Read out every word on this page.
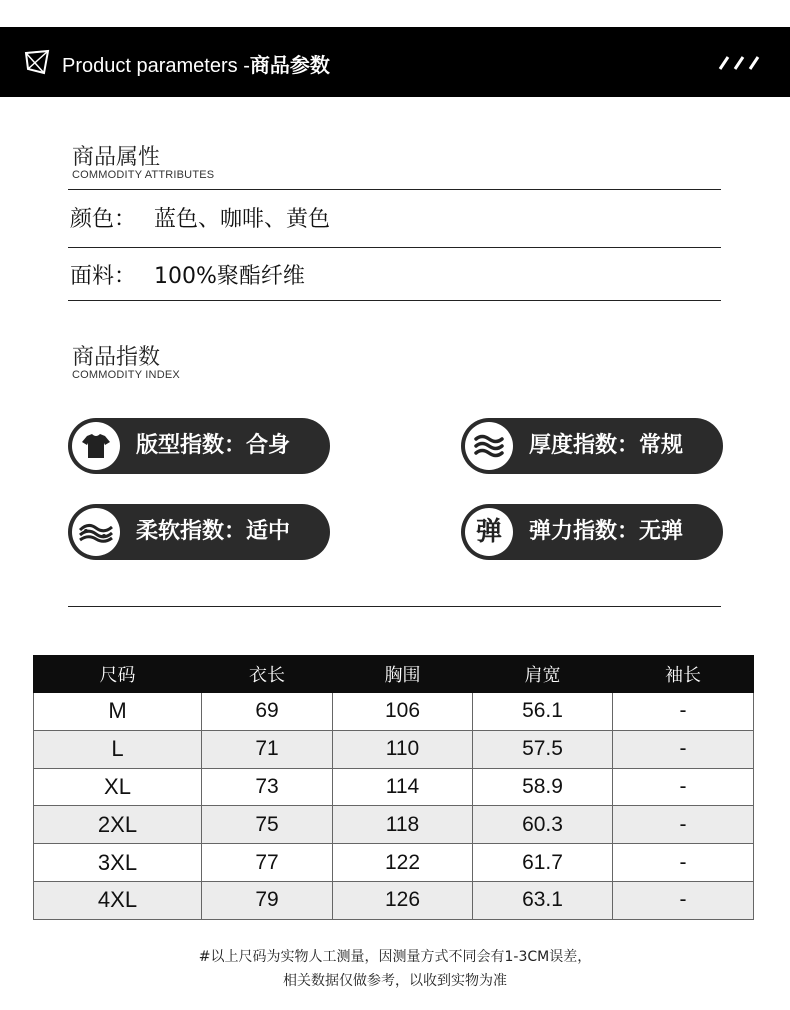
Product parameters -商品参数
商品属性
COMMODITY ATTRIBUTES
颜色： 蓝色、咖啡、黄色
面料： 100%聚酯纤维
商品指数
COMMODITY INDEX
版型指数：合身	厚度指数：常规
柔软指数：适中	弹	弹力指数：无弹
尺码	衣长	胸围	肩宽	袖长
M	69	106	56.1	-
L	71	110	57.5	-
XL	73	114	58.9	-
2XL	75	118	60.3	-
3XL	77	122	61.7	-
4XL	79	126	63.1	-
#以上尺码为实物人工测量，因测量方式不同会有1-3CM误差，
相关数据仅做参考，以收到实物为准
